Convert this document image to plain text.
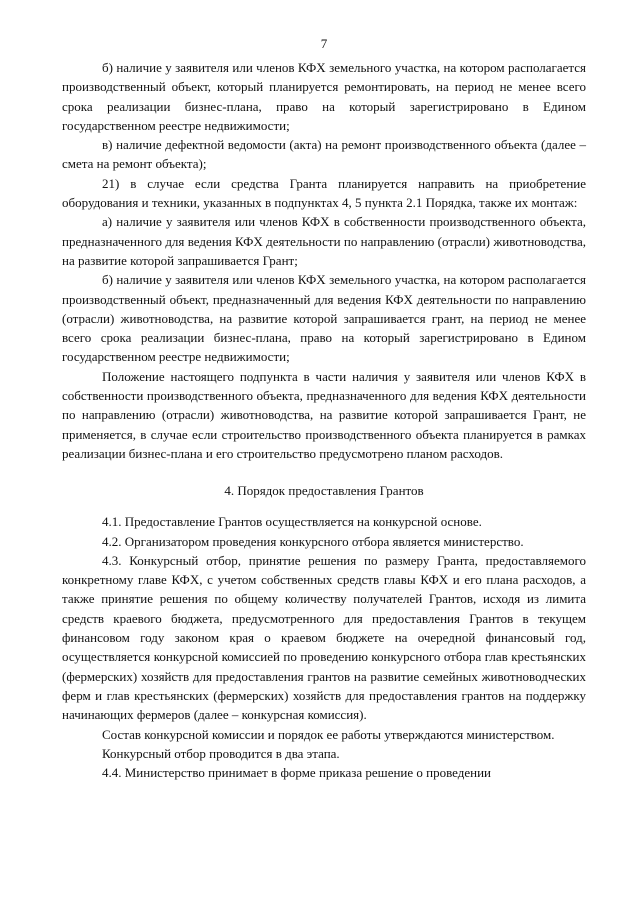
7

б) наличие у заявителя или членов КФХ земельного участка, на котором располагается производственный объект, который планируется ремонтировать, на период не менее всего срока реализации бизнес-плана, право на который зарегистрировано в Едином государственном реестре недвижимости;

в) наличие дефектной ведомости (акта) на ремонт производственного объекта (далее – смета на ремонт объекта);

21) в случае если средства Гранта планируется направить на приобретение оборудования и техники, указанных в подпунктах 4, 5 пункта 2.1 Порядка, также их монтаж:

а) наличие у заявителя или членов КФХ в собственности производственного объекта, предназначенного для ведения КФХ деятельности по направлению (отрасли) животноводства, на развитие которой запрашивается Грант;

б) наличие у заявителя или членов КФХ земельного участка, на котором располагается производственный объект, предназначенный для ведения КФХ деятельности по направлению (отрасли) животноводства, на развитие которой запрашивается грант, на период не менее всего срока реализации бизнес-плана, право на который зарегистрировано в Едином государственном реестре недвижимости;

Положение настоящего подпункта в части наличия у заявителя или членов КФХ в собственности производственного объекта, предназначенного для ведения КФХ деятельности по направлению (отрасли) животноводства, на развитие которой запрашивается Грант, не применяется, в случае если строительство производственного объекта планируется в рамках реализации бизнес-плана и его строительство предусмотрено планом расходов.

4. Порядок предоставления Грантов

4.1. Предоставление Грантов осуществляется на конкурсной основе.

4.2. Организатором проведения конкурсного отбора является министерство.

4.3. Конкурсный отбор, принятие решения по размеру Гранта, предоставляемого конкретному главе КФХ, с учетом собственных средств главы КФХ и его плана расходов, а также принятие решения по общему количеству получателей Грантов, исходя из лимита средств краевого бюджета, предусмотренного для предоставления Грантов в текущем финансовом году законом края о краевом бюджете на очередной финансовый год, осуществляется конкурсной комиссией по проведению конкурсного отбора глав крестьянских (фермерских) хозяйств для предоставления грантов на развитие семейных животноводческих ферм и глав крестьянских (фермерских) хозяйств для предоставления грантов на поддержку начинающих фермеров (далее – конкурсная комиссия).

Состав конкурсной комиссии и порядок ее работы утверждаются министерством.

Конкурсный отбор проводится в два этапа.

4.4. Министерство принимает в форме приказа решение о проведении
